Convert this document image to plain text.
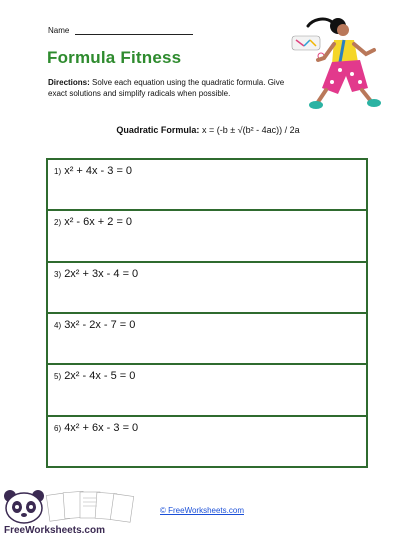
Name
Formula Fitness
Directions: Solve each equation using the quadratic formula. Give exact solutions and simplify radicals when possible.
Quadratic Formula: x = (-b ± √(b² - 4ac)) / 2a
1) x² + 4x - 3 = 0
2) x² - 6x + 2 = 0
3) 2x² + 3x - 4 = 0
4) 3x² - 2x - 7 = 0
5) 2x² - 4x - 5 = 0
6) 4x² + 6x - 3 = 0
FreeWorksheets.com
© FreeWorksheets.com
